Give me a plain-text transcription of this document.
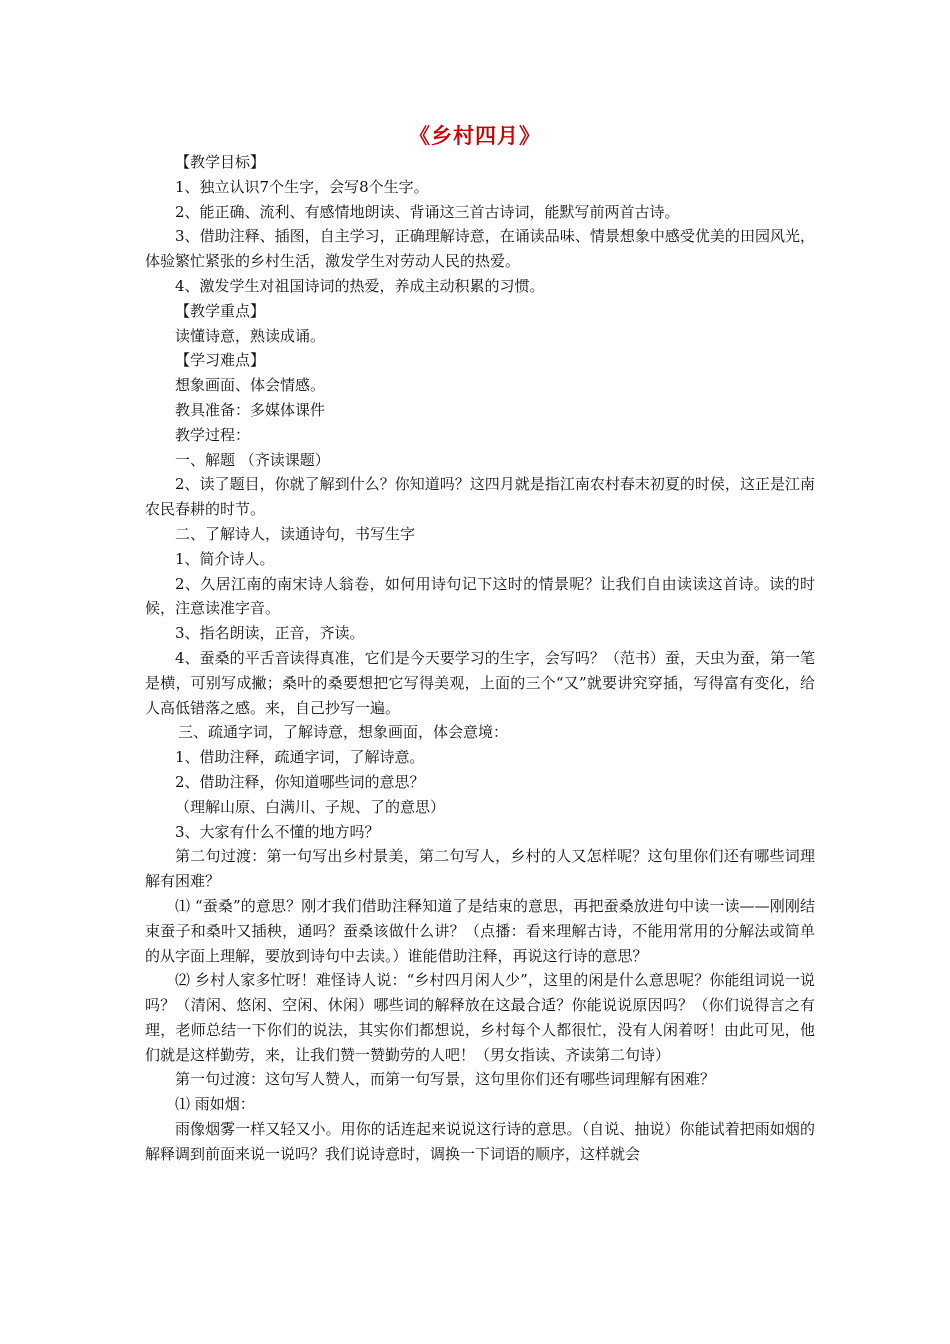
《乡村四月》

【教学目标】

1、独立认识7个生字，会写8个生字。

2、能正确、流利、有感情地朗读、背诵这三首古诗词，能默写前两首古诗。

3、借助注释、插图，自主学习，正确理解诗意，在诵读品味、情景想象中感受优美的田园风光，体验繁忙紧张的乡村生活，激发学生对劳动人民的热爱。

4、激发学生对祖国诗词的热爱，养成主动积累的习惯。

【教学重点】

读懂诗意，熟读成诵。

【学习难点】

想象画面、体会情感。

教具准备：多媒体课件

教学过程：

一、解题 （齐读课题）

2、读了题目，你就了解到什么？你知道吗？这四月就是指江南农村春末初夏的时侯，这正是江南农民春耕的时节。

二、了解诗人，读通诗句，书写生字

1、简介诗人。

2、久居江南的南宋诗人翁卷，如何用诗句记下这时的情景呢？让我们自由读读这首诗。读的时候，注意读准字音。

3、指名朗读，正音，齐读。

4、蚕桑的平舌音读得真准，它们是今天要学习的生字，会写吗？（范书）蚕，天虫为蚕，第一笔是横，可别写成撇；桑叶的桑要想把它写得美观，上面的三个“又”就要讲究穿插，写得富有变化，给人高低错落之感。来，自己抄写一遍。

三、疏通字词，了解诗意，想象画面，体会意境：

1、借助注释，疏通字词，了解诗意。

2、借助注释，你知道哪些词的意思？

（理解山原、白满川、子规、了的意思）

3、大家有什么不懂的地方吗？

第二句过渡：第一句写出乡村景美，第二句写人，乡村的人又怎样呢？这句里你们还有哪些词理解有困难？

⑴ “蚕桑”的意思？刚才我们借助注释知道了是结束的意思，再把蚕桑放进句中读一读——刚刚结束蚕子和桑叶又插秧，通吗？蚕桑该做什么讲？（点播：看来理解古诗，不能用常用的分解法或简单的从字面上理解，要放到诗句中去读。）谁能借助注释，再说这行诗的意思？

⑵ 乡村人家多忙呀！难怪诗人说：“乡村四月闲人少”，这里的闲是什么意思呢？你能组词说一说吗？（清闲、悠闲、空闲、休闲）哪些词的解释放在这最合适？你能说说原因吗？（你们说得言之有理，老师总结一下你们的说法，其实你们都想说，乡村每个人都很忙，没有人闲着呀！由此可见，他们就是这样勤劳，来，让我们赞一赞勤劳的人吧！（男女指读、齐读第二句诗）

第一句过渡：这句写人赞人，而第一句写景，这句里你们还有哪些词理解有困难？

⑴ 雨如烟：

雨像烟雾一样又轻又小。用你的话连起来说说这行诗的意思。（自说、抽说）你能试着把雨如烟的解释调到前面来说一说吗？我们说诗意时，调换一下词语的顺序，这样就会
